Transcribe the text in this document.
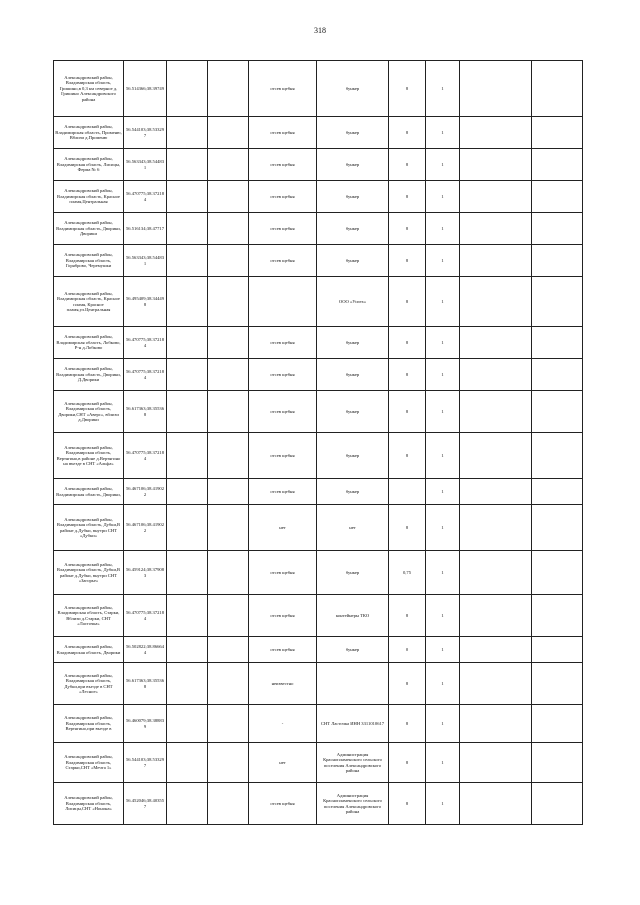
318
Александровский район, Владимирская область, Гришино,в 0,3 км северное д. Гришино Александровского района	56.514366;38.39749			отсев щебня	бункер	8	1		
Александровский район, Владимирская область, Променю, Вблизи д.Променю	56.544103;38.533297			отсев щебня	бункер	8	1		
Александровский район, Владимирская область, Лисицы, Ферма № 6	56.563343;38.544831			отсев щебня	бункер	8	1		
Александровский район, Владимирская область, Красное пламя,Центральная	56.470775;38.372184			отсев щебня	бункер	8	1		
Александровский район, Владимирская область, Дворики, Дворики	56.516134;38.47717			отсев щебня	бункер	8	1		
Александровский район, Владимирская область, Горяброво, Черемушки	56.563343;38.544831			отсев щебня	бункер	8	1		
Александровский район, Владимирская область, Красное пламя, Красное пламя,ул.Центральная	56.495409;38.344498				ООО «Успех»	8	1		
Александровский район, Владимирская область, Лобково, Р-н д.Лобково	56.470775;38.372184			отсев щебня	бункер	8	1		
Александровский район, Владимирская область, Дворики, Д.Дворики	56.470775;38.372184			отсев щебня	бункер	8	1		
Александровский район, Владимирская область, Дворики,СНТ «Аверс», вблизи д.Дворики	56.617363;38.355368			отсев щебня	бункер	8	1		
Александровский район, Владимирская область, Вертягино,в районе д.Вертягино на въезде в СНТ «Альфа»	56.470775;38.372184			отсев щебня	бункер	8	1		
Александровский район, Владимирская область, Дворики,	56.467106;38.419022			отсев щебня	бункер		1		
Александровский район, Владимирская область, Дубки,В районе д.Дубки, внутри СНТ «Дубки»	56.467106;38.419022			нет	нет	8	1		
Александровский район, Владимирская область, Дубки,В районе д.Дубки, внутри СНТ «Загорье»	56.459124;38.379083			отсев щебня	бункер	0,75	1		
Александровский район, Владимирская область, Старки, Вблизи д.Старки, СНТ «Ласточка»	56.470775;38.372184			отсев щебня	контейнеры ТКО	8	1		
Александровский район, Владимирская область, Дворики	56.502822;38.866644			отсев щебня	бункер	0	1		
Александровский район, Владимирская область, Дубки,при въезде в СНТ «Лесное»	56.617363;38.355368			неизвестно		8	1		
Александровский район, Владимирская область, Вертягино,при въезде в	56.460079;38.388839			-	СНТ Ласточка ИНН 3311010617	8	1		
Александровский район, Владимирская область, Старки,СНТ «Мечта 1»	56.544103;38.533297			нет	Администрация Краснопламенского сельского поселения Александровского района	8	1		
Александровский район, Владимирская область, Лисицы,СНТ «Нонона»	56.452046;38.403557			отсев щебня	Администрация Краснопламенского сельского поселения Александровского района	8	1		
